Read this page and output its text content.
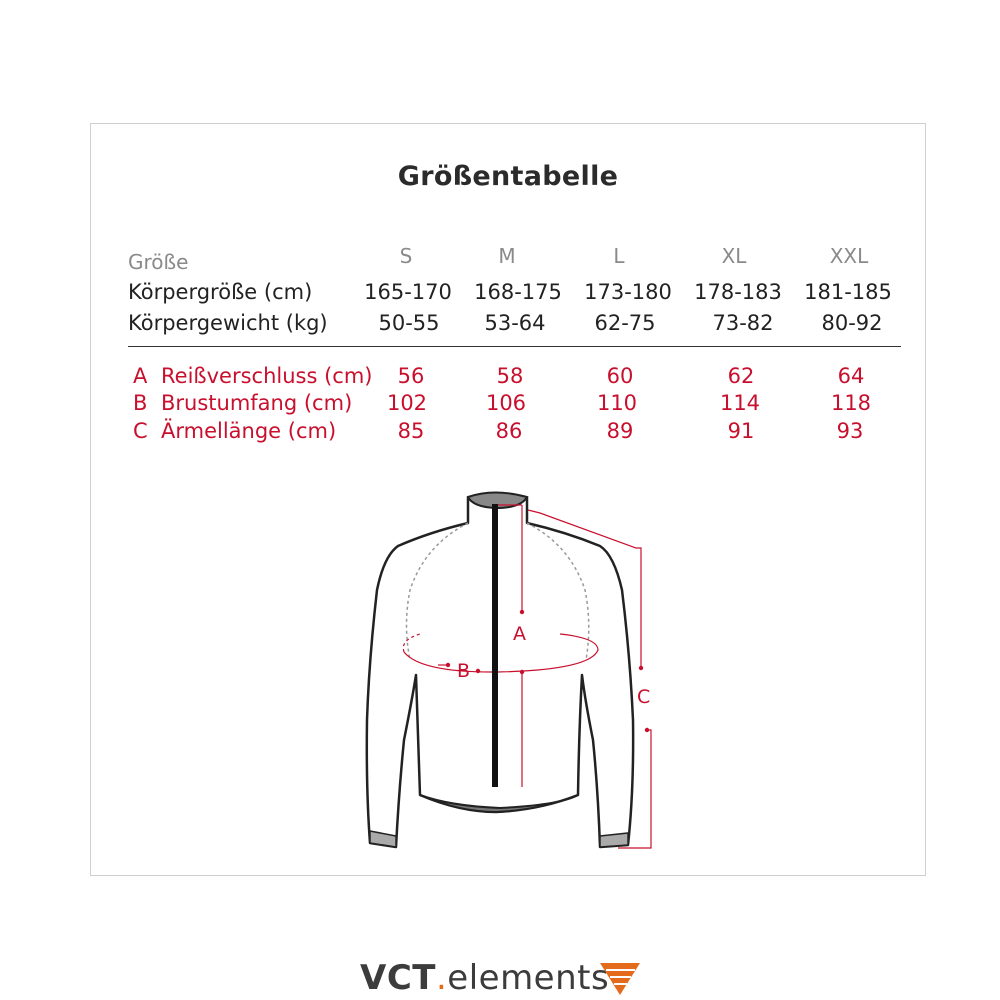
Größentabelle
Größe	S	M	L	XL	XXL
Körpergröße (cm) 165-170 168-175 173-180 178-183 181-185
Körpergewicht (kg) 50-55 53-64 62-75	73-82 80-92
A Reißverschluss (cm) 56	58	60	62	64
B Brustumfang (cm) 102	106	110	114	118
C Ärmellänge (cm)	85	86	89	91	93
A
B
C
VCT.elements
